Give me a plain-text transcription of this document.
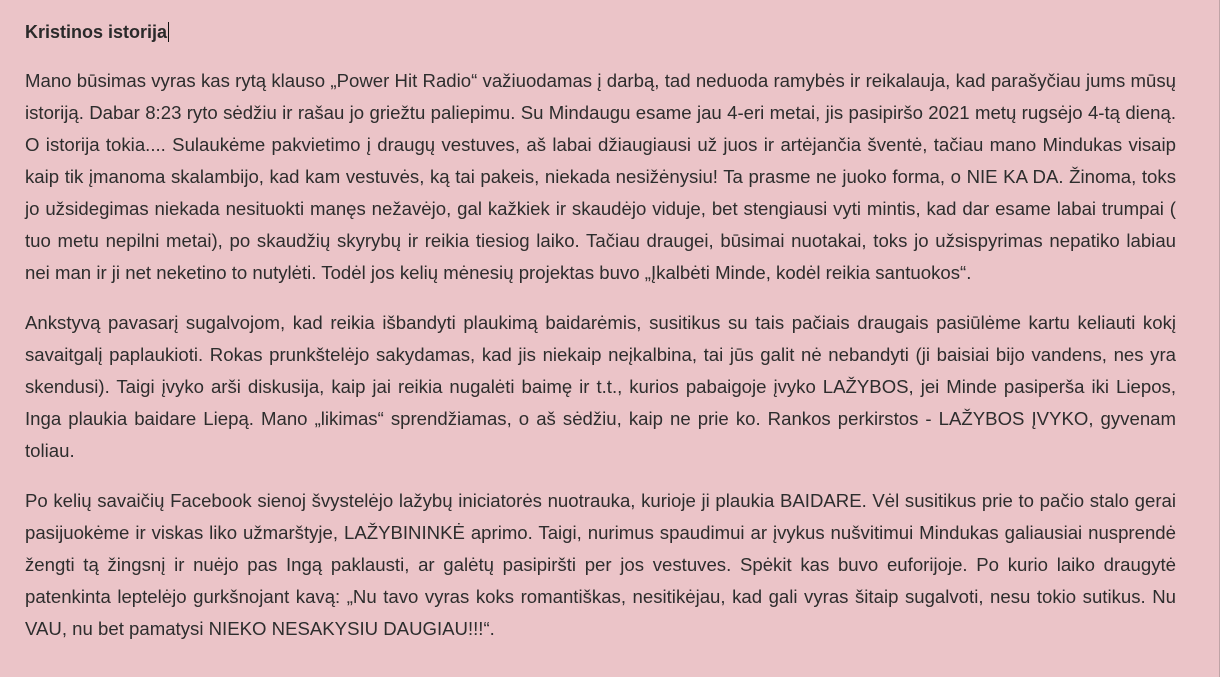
Kristinos istorija

Mano būsimas vyras kas rytą klauso „Power Hit Radio“ važiuodamas į darbą, tad neduoda ramybės ir reikalauja, kad parašyčiau jums mūsų istoriją. Dabar 8:23 ryto sėdžiu ir rašau jo griežtu paliepimu. Su Mindaugu esame jau 4-eri metai, jis pasipiršo 2021 metų rugsėjo 4-tą dieną. O istorija tokia.... Sulaukėme pakvietimo į draugų vestuves, aš labai džiaugiausi už juos ir artėjančia šventė, tačiau mano Mindukas visaip kaip tik įmanoma skalambijo, kad kam vestuvės, ką tai pakeis, niekada nesižėnysiu! Ta prasme ne juoko forma, o NIE KA DA. Žinoma, toks jo užsidegimas niekada nesituokti manęs nežavėjo, gal kažkiek ir skaudėjo viduje, bet stengiausi vyti mintis, kad dar esame labai trumpai ( tuo metu nepilni metai), po skaudžių skyrybų ir reikia tiesiog laiko. Tačiau draugei, būsimai nuotakai, toks jo užsispyrimas nepatiko labiau nei man ir ji net neketino to nutylėti. Todėl jos kelių mėnesių projektas buvo „Įkalbėti Minde, kodėl reikia santuokos“.

Ankstyvą pavasarį sugalvojom, kad reikia išbandyti plaukimą baidarėmis, susitikus su tais pačiais draugais pasiūlėme kartu keliauti kokį savaitgalį paplaukioti. Rokas prunkštelėjo sakydamas, kad jis niekaip neįkalbina, tai jūs galit nė nebandyti (ji baisiai bijo vandens, nes yra skendusi). Taigi įvyko arši diskusija, kaip jai reikia nugalėti baimę ir t.t., kurios pabaigoje įvyko LAŽYBOS, jei Minde pasiperša iki Liepos, Inga plaukia baidare Liepą. Mano „likimas“ sprendžiamas, o aš sėdžiu, kaip ne prie ko. Rankos perkirstos - LAŽYBOS ĮVYKO, gyvenam toliau.

Po kelių savaičių Facebook sienoj švystelėjo lažybų iniciatorės nuotrauka, kurioje ji plaukia BAIDARE. Vėl susitikus prie to pačio stalo gerai pasijuokėme ir viskas liko užmarštyje, LAŽYBININKĖ aprimo. Taigi, nurimus spaudimui ar įvykus nušvitimui Mindukas galiausiai nusprendė žengti tą žingsnį ir nuėjo pas Ingą paklausti, ar galėtų pasipiršti per jos vestuves. Spėkit kas buvo euforijoje. Po kurio laiko draugytė patenkinta leptelėjo gurkšnojant kavą: „Nu tavo vyras koks romantiškas, nesitikėjau, kad gali vyras šitaip sugalvoti, nesu tokio sutikus. Nu VAU, nu bet pamatysi NIEKO NESAKYSIU DAUGIAU!!!“.
